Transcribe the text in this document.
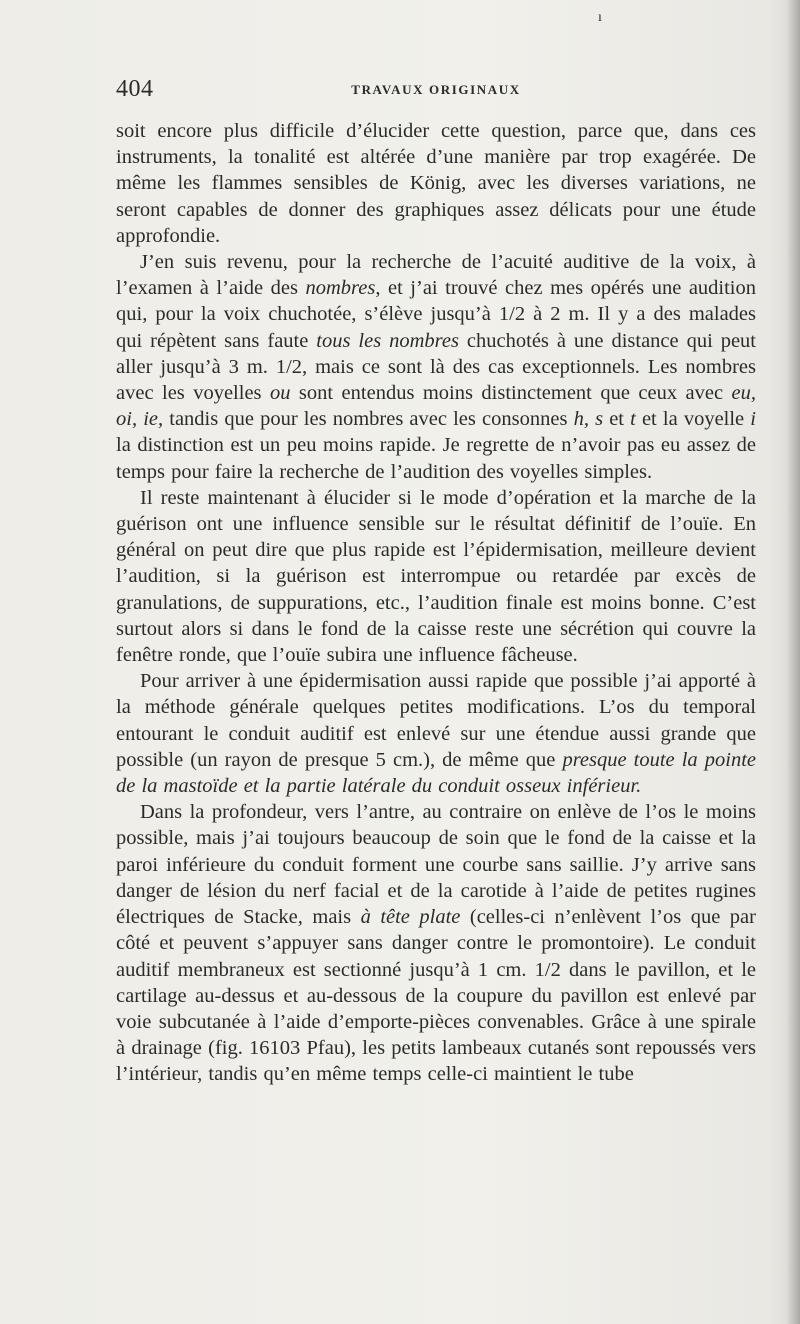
ı
404	TRAVAUX ORIGINAUX

soit encore plus difficile d’élucider cette question, parce que, dans ces instruments, la tonalité est altérée d’une manière par trop exagérée. De même les flammes sensibles de König, avec les diverses variations, ne seront capables de donner des graphiques assez délicats pour une étude approfondie.

J’en suis revenu, pour la recherche de l’acuité auditive de la voix, à l’examen à l’aide des nombres, et j’ai trouvé chez mes opérés une audition qui, pour la voix chuchotée, s’élève jusqu’à 1/2 à 2 m. Il y a des malades qui répètent sans faute tous les nombres chuchotés à une distance qui peut aller jusqu’à 3 m. 1/2, mais ce sont là des cas exceptionnels. Les nombres avec les voyelles ou sont entendus moins distinctement que ceux avec eu, oi, ie, tandis que pour les nombres avec les consonnes h, s et t et la voyelle i la distinction est un peu moins rapide. Je regrette de n’avoir pas eu assez de temps pour faire la recherche de l’audition des voyelles simples.

Il reste maintenant à élucider si le mode d’opération et la marche de la guérison ont une influence sensible sur le résultat définitif de l’ouïe. En général on peut dire que plus rapide est l’épidermisation, meilleure devient l’audition, si la guérison est interrompue ou retardée par excès de granulations, de suppurations, etc., l’audition finale est moins bonne. C’est surtout alors si dans le fond de la caisse reste une sécrétion qui couvre la fenêtre ronde, que l’ouïe subira une influence fâcheuse.

Pour arriver à une épidermisation aussi rapide que possible j’ai apporté à la méthode générale quelques petites modifications. L’os du temporal entourant le conduit auditif est enlevé sur une étendue aussi grande que possible (un rayon de presque 5 cm.), de même que presque toute la pointe de la mastoïde et la partie latérale du conduit osseux inférieur.

Dans la profondeur, vers l’antre, au contraire on enlève de l’os le moins possible, mais j’ai toujours beaucoup de soin que le fond de la caisse et la paroi inférieure du conduit forment une courbe sans saillie. J’y arrive sans danger de lésion du nerf facial et de la carotide à l’aide de petites rugines électriques de Stacke, mais à tête plate (celles-ci n’enlèvent l’os que par côté et peuvent s’appuyer sans danger contre le promontoire). Le conduit auditif membraneux est sectionné jusqu’à 1 cm. 1/2 dans le pavillon, et le cartilage au-dessus et au-dessous de la coupure du pavillon est enlevé par voie subcutanée à l’aide d’emporte-pièces convenables. Grâce à une spirale à drainage (fig. 16103 Pfau), les petits lambeaux cutanés sont repoussés vers l’intérieur, tandis qu’en même temps celle-ci maintient le tube
